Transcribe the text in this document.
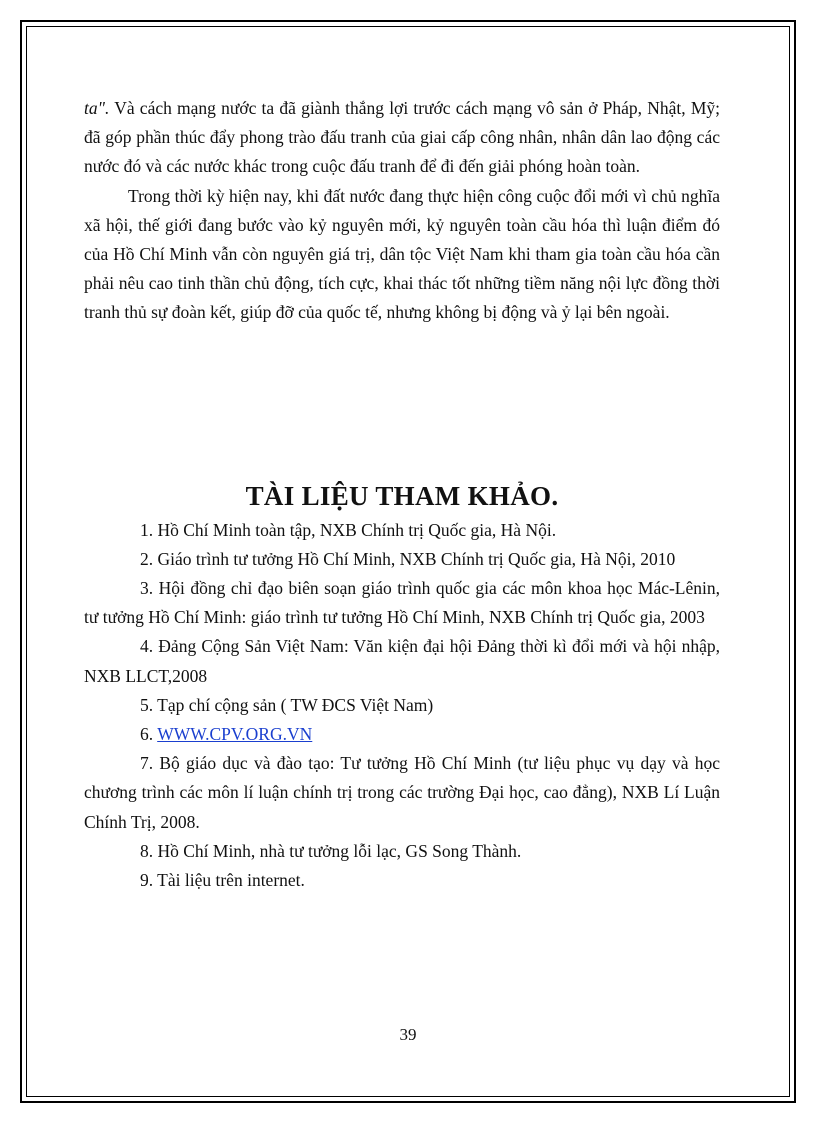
ta". Và cách mạng nước ta đã giành thắng lợi trước cách mạng vô sản ở Pháp, Nhật, Mỹ; đã góp phần thúc đẩy phong trào đấu tranh của giai cấp công nhân, nhân dân lao động các nước đó và các nước khác trong cuộc đấu tranh để đi đến giải phóng hoàn toàn.

Trong thời kỳ hiện nay, khi đất nước đang thực hiện công cuộc đổi mới vì chủ nghĩa xã hội, thế giới đang bước vào kỷ nguyên mới, kỷ nguyên toàn cầu hóa thì luận điểm đó của Hồ Chí Minh vẫn còn nguyên giá trị, dân tộc Việt Nam khi tham gia toàn cầu hóa cần phải nêu cao tinh thần chủ động, tích cực, khai thác tốt những tiềm năng nội lực đồng thời tranh thủ sự đoàn kết, giúp đỡ của quốc tế, nhưng không bị động và ỷ lại bên ngoài.

TÀI LIỆU THAM KHẢO.

1. Hồ Chí Minh toàn tập, NXB Chính trị Quốc gia, Hà Nội.

2. Giáo trình tư tưởng Hồ Chí Minh, NXB Chính trị Quốc gia, Hà Nội, 2010

3. Hội đồng chỉ đạo biên soạn giáo trình quốc gia các môn khoa học Mác-Lênin, tư tưởng Hồ Chí Minh: giáo trình tư tưởng Hồ Chí Minh, NXB Chính trị Quốc gia, 2003

4. Đảng Cộng Sản Việt Nam: Văn kiện đại hội Đảng thời kì đổi mới và hội nhập, NXB LLCT,2008

5. Tạp chí cộng sản ( TW ĐCS Việt Nam)

6. WWW.CPV.ORG.VN

7. Bộ giáo dục và đào tạo: Tư tưởng Hồ Chí Minh (tư liệu phục vụ dạy và học chương trình các môn lí luận chính trị trong các trường Đại học, cao đẳng), NXB Lí Luận Chính Trị, 2008.

8. Hồ Chí Minh, nhà tư tưởng lỗi lạc, GS Song Thành.

9. Tài liệu trên internet.

39
